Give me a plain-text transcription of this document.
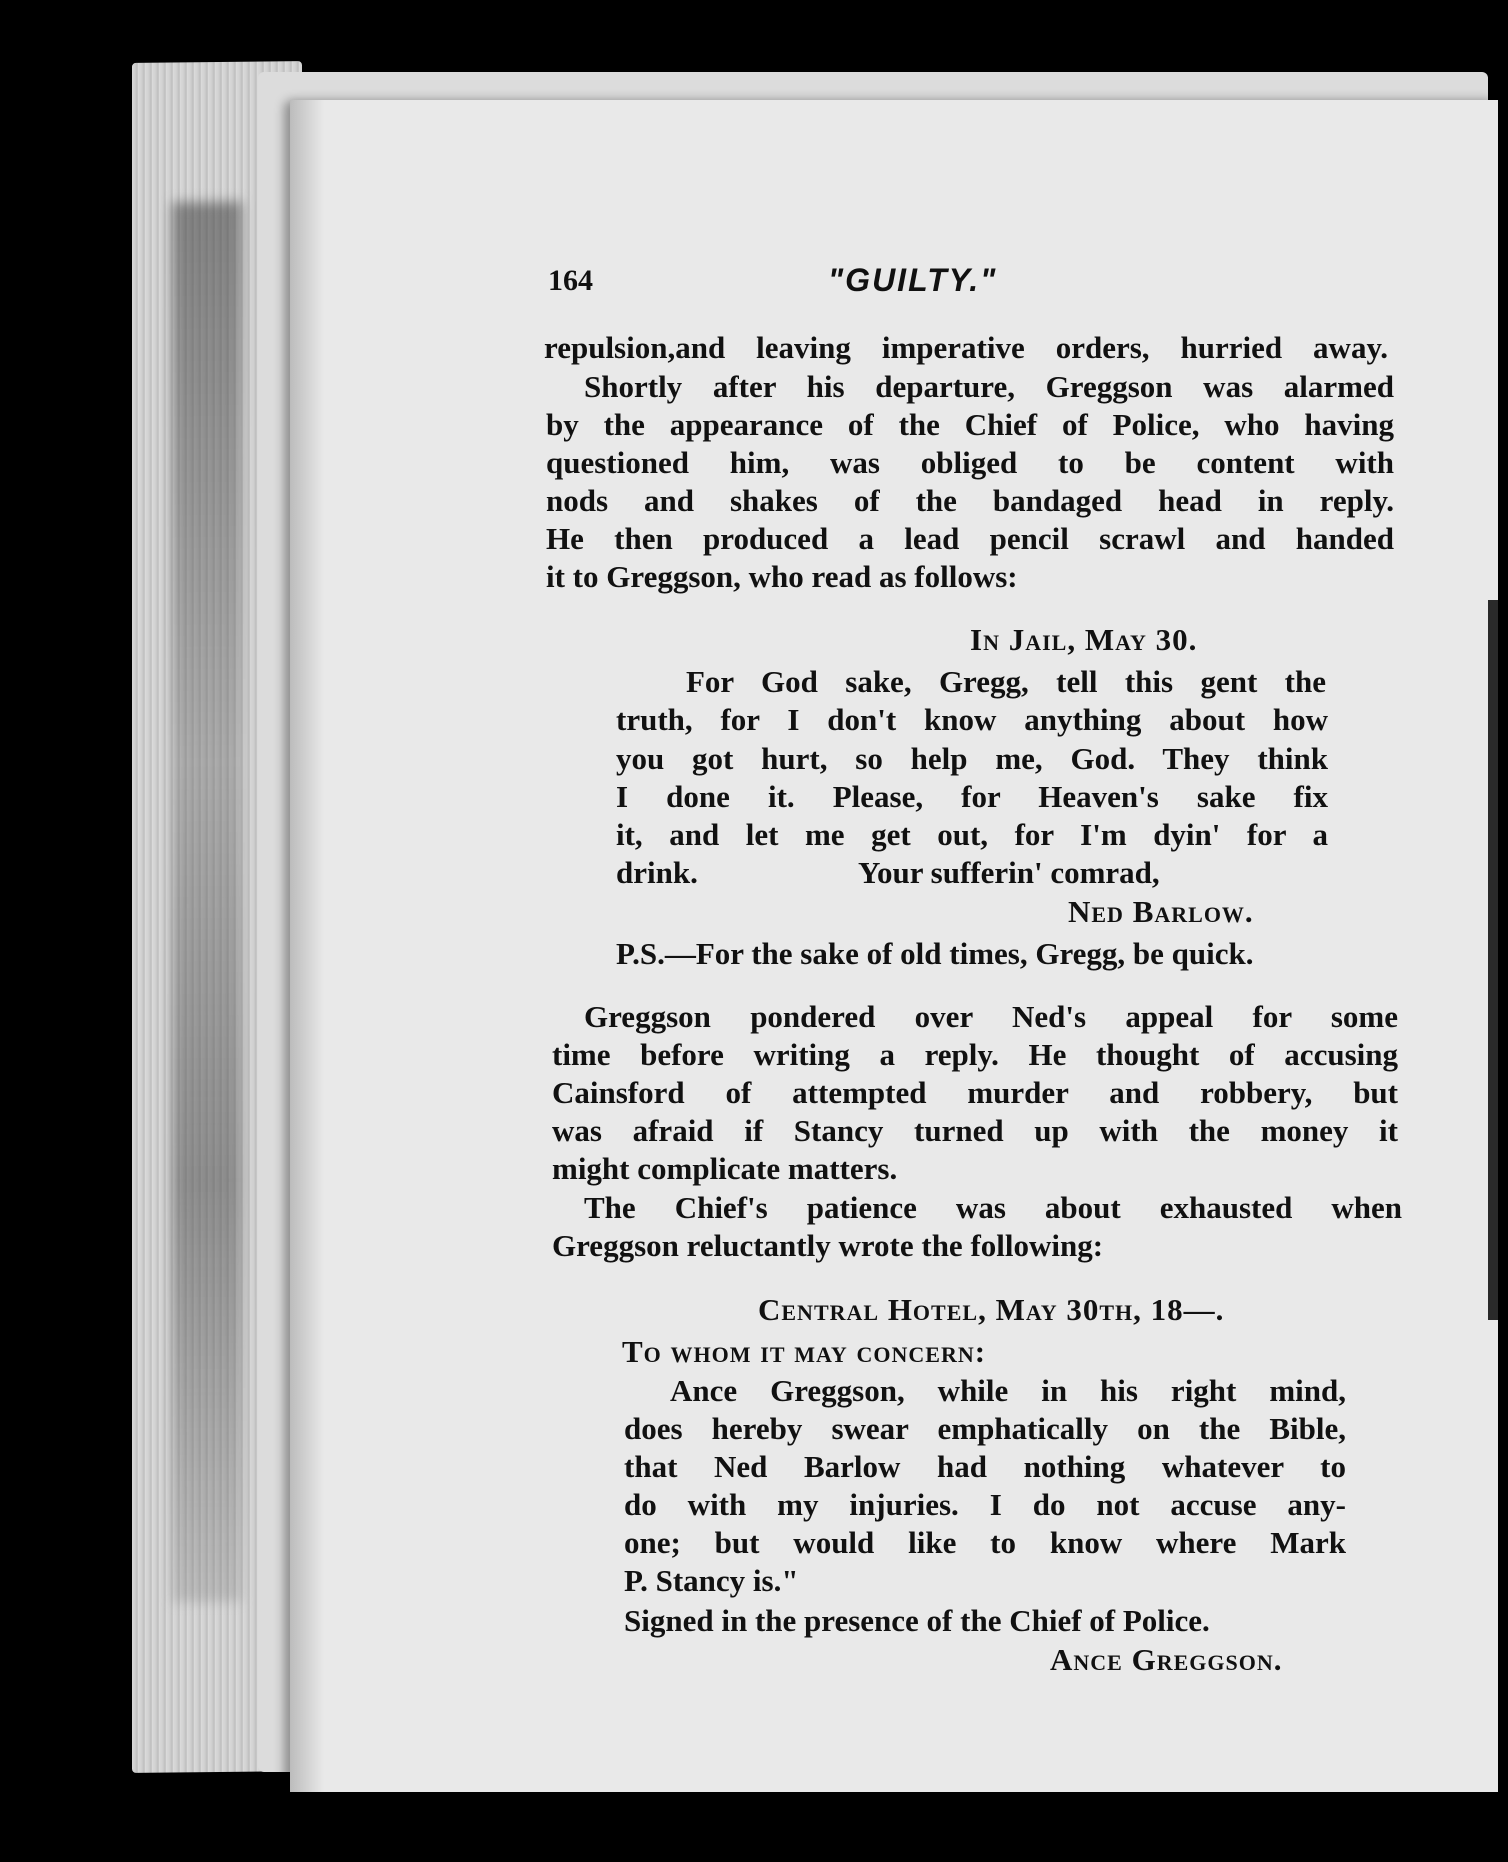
164	"GUILTY."
repulsion,and leaving imperative orders, hurried away.
Shortly after his departure, Greggson was alarmed
by the appearance of the Chief of Police, who having
questioned him, was obliged to be content with
nods and shakes of the bandaged head in reply.
He then produced a lead pencil scrawl and handed
it to Greggson, who read as follows:
In Jail, May 30.
For God sake, Gregg, tell this gent the
truth, for I don't know anything about how
you got hurt, so help me, God. They think
I done it. Please, for Heaven's sake fix
it, and let me get out, for I'm dyin' for a
drink.	Your sufferin' comrad,
Ned Barlow.
P.S.—For the sake of old times, Gregg, be quick.
Greggson pondered over Ned's appeal for some
time before writing a reply. He thought of accusing
Cainsford of attempted murder and robbery, but
was afraid if Stancy turned up with the money it
might complicate matters.
The Chief's patience was about exhausted when
Greggson reluctantly wrote the following:
Central Hotel, May 30th, 18—.
To whom it may concern:
Ance Greggson, while in his right mind,
does hereby swear emphatically on the Bible,
that Ned Barlow had nothing whatever to
do with my injuries. I do not accuse any-
one; but would like to know where Mark
P. Stancy is."
Signed in the presence of the Chief of Police.
Ance Greggson.
